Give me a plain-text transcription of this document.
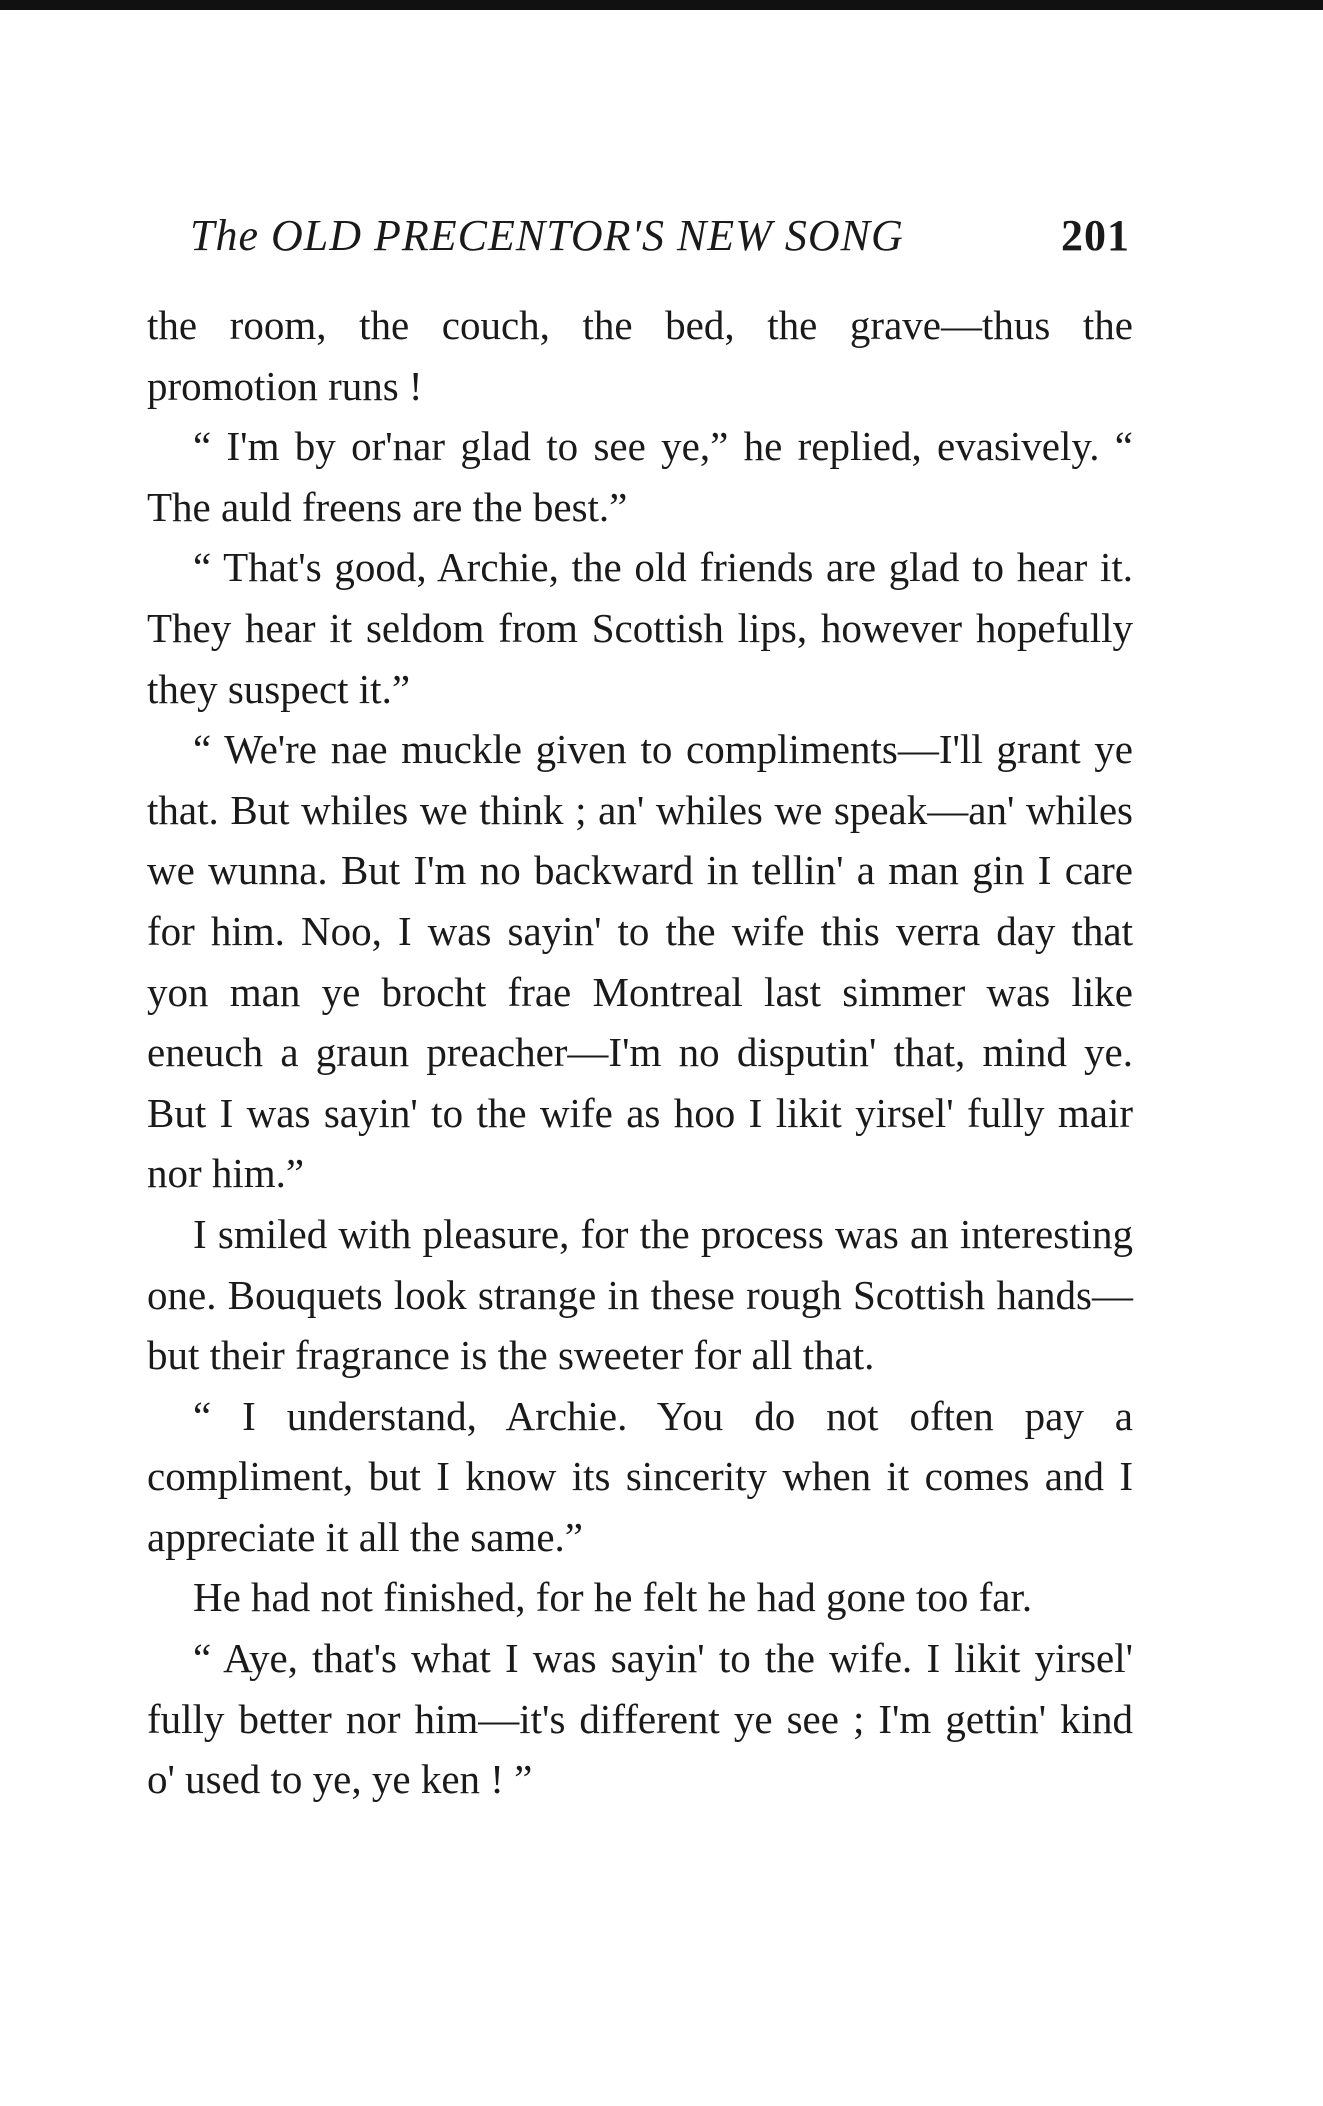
The OLD PRECENTOR'S NEW SONG	201

the room, the couch, the bed, the grave—thus the promotion runs !

“ I'm by or'nar glad to see ye,” he replied, evasively. “ The auld freens are the best.”

“ That's good, Archie, the old friends are glad to hear it. They hear it seldom from Scottish lips, however hopefully they suspect it.”

“ We're nae muckle given to compliments—I'll grant ye that. But whiles we think ; an' whiles we speak—an' whiles we wunna. But I'm no backward in tellin' a man gin I care for him. Noo, I was sayin' to the wife this verra day that yon man ye brocht frae Montreal last simmer was like eneuch a graun preacher—I'm no disputin' that, mind ye. But I was sayin' to the wife as hoo I likit yirsel' fully mair nor him.”

I smiled with pleasure, for the process was an interesting one. Bouquets look strange in these rough Scottish hands—but their fragrance is the sweeter for all that.

“ I understand, Archie. You do not often pay a compliment, but I know its sincerity when it comes and I appreciate it all the same.”

He had not finished, for he felt he had gone too far.

“ Aye, that's what I was sayin' to the wife. I likit yirsel' fully better nor him—it's different ye see ; I'm gettin' kind o' used to ye, ye ken ! ”
